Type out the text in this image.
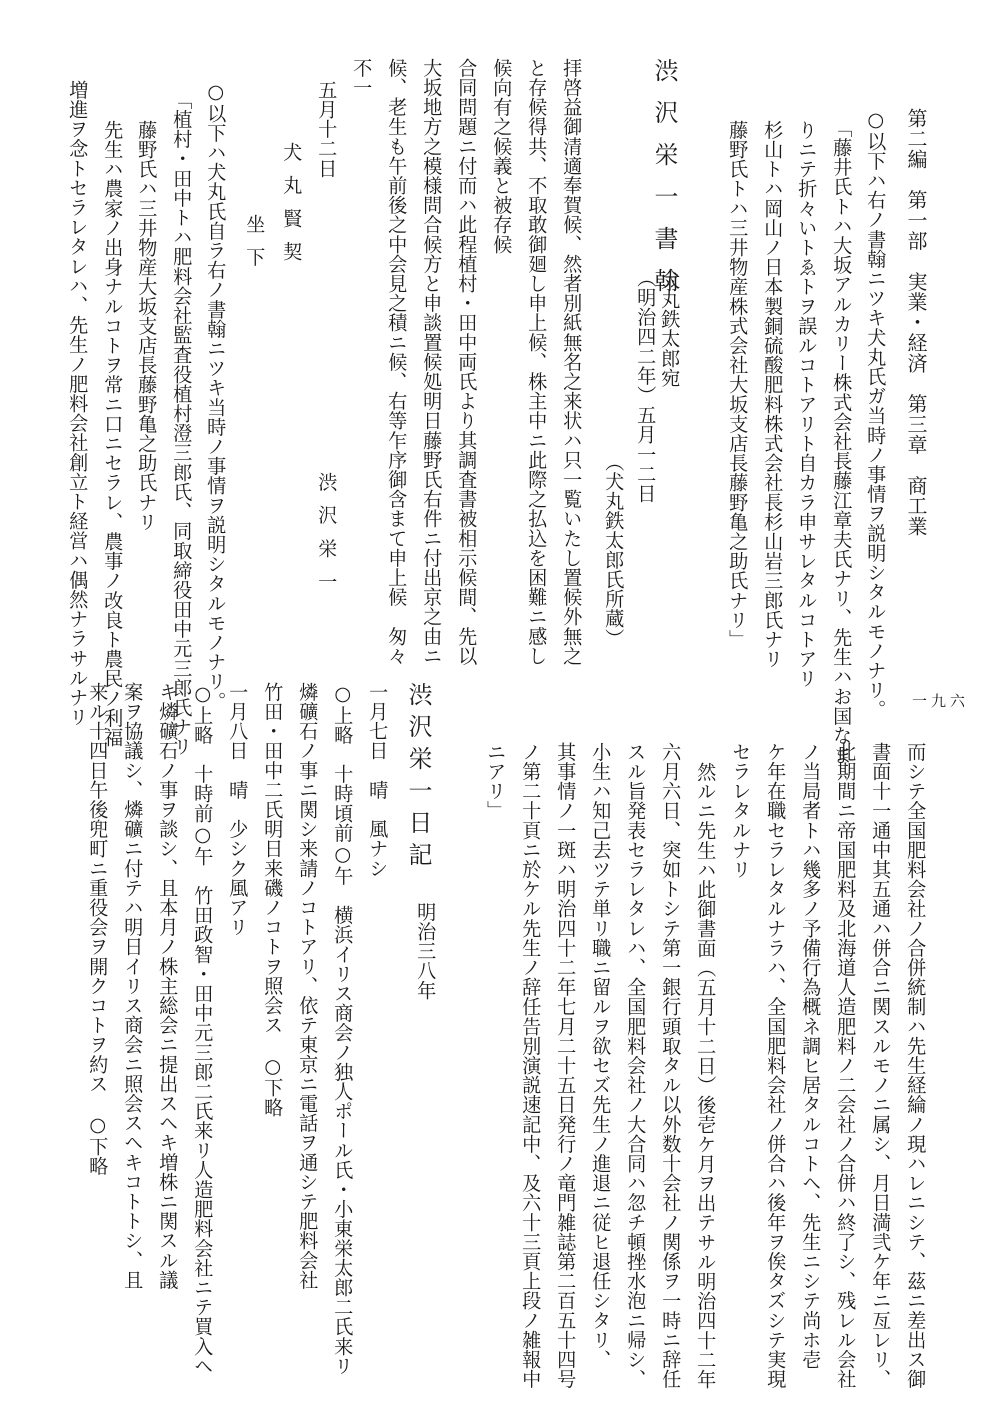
第二編　第一部　実業・経済　第三章　商工業
一九六
○以下ハ右ノ書翰ニツキ犬丸氏ガ当時ノ事情ヲ説明シタルモノナリ。
「藤井氏トハ大坂アルカリー株式会社長藤江章夫氏ナリ、先生ハお国なま
りニテ折々いトゑトヲ誤ルコトアリト自カラ申サレタルコトアリ
杉山トハ岡山ノ日本製銅硫酸肥料株式会社長杉山岩三郎氏ナリ
藤野氏トハ三井物産株式会社大坂支店長藤野亀之助氏ナリ」
渋沢栄一書翰
犬丸鉄太郎宛
（明治四二年）五月一二日
（犬丸鉄太郎氏所蔵）
拝啓益御清適奉賀候、然者別紙無名之来状ハ只一覧いたし置候外無之
と存候得共、不取敢御廻し申上候、株主中ニ此際之払込を困難ニ感し
候向有之候義と被存候
合同問題ニ付而ハ此程植村・田中両氏より其調査書被相示候間、先以
大坂地方之模様問合候方と申談置候処明日藤野氏右件ニ付出京之由ニ
候、老生も午前後之中会見之積ニ候、右等乍序御含まて申上候　匆々
不一
五月十二日
渋沢栄一
犬丸賢契
坐下
○以下ハ犬丸氏自ラ右ノ書翰ニツキ当時ノ事情ヲ説明シタルモノナリ。
「植村・田中トハ肥料会社監査役植村澄三郎氏、同取締役田中元三郎氏ナリ
藤野氏ハ三井物産大坂支店長藤野亀之助氏ナリ
先生ハ農家ノ出身ナルコトヲ常ニ口ニセラレ、農事ノ改良ト農民ノ利福
増進ヲ念トセラレタレハ、先生ノ肥料会社創立ト経営ハ偶然ナラサルナリ
而シテ全国肥料会社ノ合併統制ハ先生経綸ノ現ハレニシテ、茲ニ差出ス御
書面十一通中其五通ハ併合ニ関スルモノニ属シ、月日満弐ケ年ニ亙レリ、
此期間ニ帝国肥料及北海道人造肥料ノ二会社ノ合併ハ終了シ、残レル会社
ノ当局者トハ幾多ノ予備行為概ネ調ヒ居タルコトヘ、先生ニシテ尚ホ壱
ケ年在職セラレタルナラハ、全国肥料会社ノ併合ハ後年ヲ俟タズシテ実現
セラレタルナリ
然ルニ先生ハ此御書面（五月十二日）後壱ケ月ヲ出テサル明治四十二年
六月六日、突如トシテ第一銀行頭取タル以外数十会社ノ関係ヲ一時ニ辞任
スル旨発表セラレタレハ、全国肥料会社ノ大合同ハ忽チ頓挫水泡ニ帰シ、
小生ハ知己去ツテ単リ職ニ留ルヲ欲セズ先生ノ進退ニ従ヒ退任シタリ、
其事情ノ一斑ハ明治四十二年七月二十五日発行ノ竜門雑誌第二百五十四号
ノ第二十頁ニ於ケル先生ノ辞任告別演説速記中、及六十三頁上段ノ雑報中
ニアリ」
渋沢栄一日記
明治三八年
一月七日　晴　風ナシ
○上略　十時頃前○午　横浜イリス商会ノ独人ポール氏・小東栄太郎二氏来リ
燐礦石ノ事ニ関シ来請ノコトアリ、依テ東京ニ電話ヲ通シテ肥料会社
竹田・田中二氏明日来磯ノコトヲ照会ス　○下略
一月八日　晴　少シク風アリ
○上略　十時前○午　竹田政智・田中元三郎二氏来リ人造肥料会社ニテ買入ヘ
キ燐礦石ノ事ヲ談シ、且本月ノ株主総会ニ提出スヘキ増株ニ関スル議
案ヲ協議シ、燐礦ニ付テハ明日イリス商会ニ照会スヘキコトトシ、且
来ル十四日午後兜町ニ重役会ヲ開クコトヲ約ス　○下略
